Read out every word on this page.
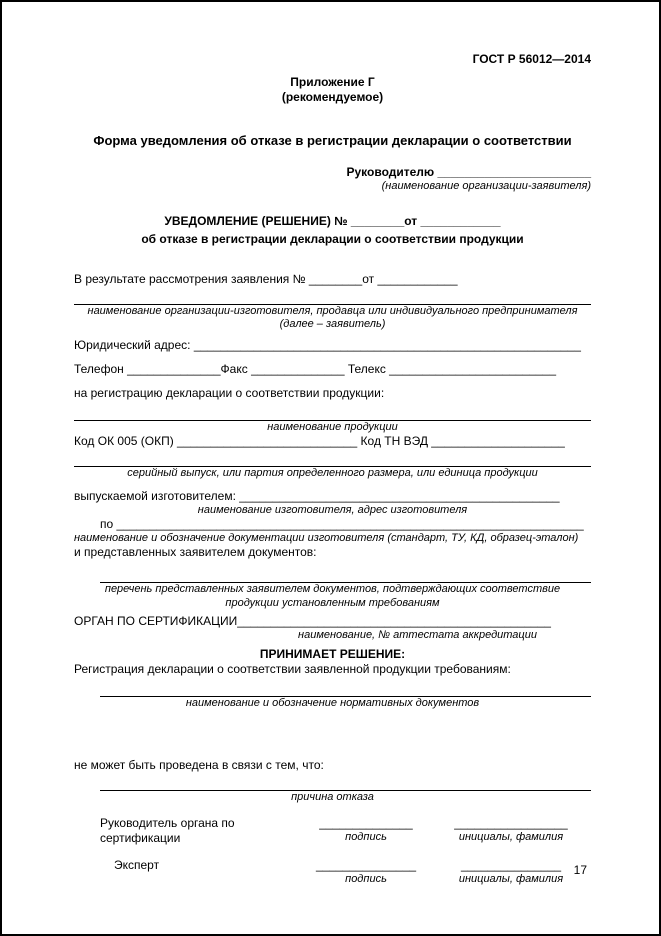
ГОСТ Р 56012—2014
Приложение Г
(рекомендуемое)
Форма уведомления об отказе в регистрации декларации о соответствии
Руководителю _______________________
(наименование организации-заявителя)
УВЕДОМЛЕНИЕ (РЕШЕНИЕ) № ________от ____________
об отказе в регистрации декларации о соответствии продукции
В результате рассмотрения заявления № ________от ____________
наименование организации-изготовителя, продавца или индивидуального предпринимателя
(далее – заявитель)
Юридический адрес: __________________________________________________________
Телефон ______________Факс ______________ Телекс _________________________
на регистрацию декларации о соответствии продукции:
наименование продукции
Код ОК 005 (ОКП) ___________________________ Код ТН ВЭД ____________________
серийный выпуск, или партия определенного размера, или единица продукции
выпускаемой изготовителем: ________________________________________________
наименование изготовителя, адрес изготовителя
по ______________________________________________________________________
наименование и обозначение документации изготовителя (стандарт, ТУ, КД, образец-эталон)
и представленных заявителем документов:
перечень представленных заявителем документов, подтверждающих соответствие
продукции установленным требованиям
ОРГАН ПО СЕРТИФИКАЦИИ_______________________________________________
наименование, № аттестата аккредитации
ПРИНИМАЕТ РЕШЕНИЕ:
Регистрация декларации о соответствии заявленной продукции требованиям:
наименование и обозначение нормативных документов
не может быть проведена в связи с тем, что:
причина отказа
Руководитель органа по сертификации
______________
подпись
_________________
инициалы, фамилия
Эксперт	_______________
подпись
_______________
инициалы, фамилия
17
